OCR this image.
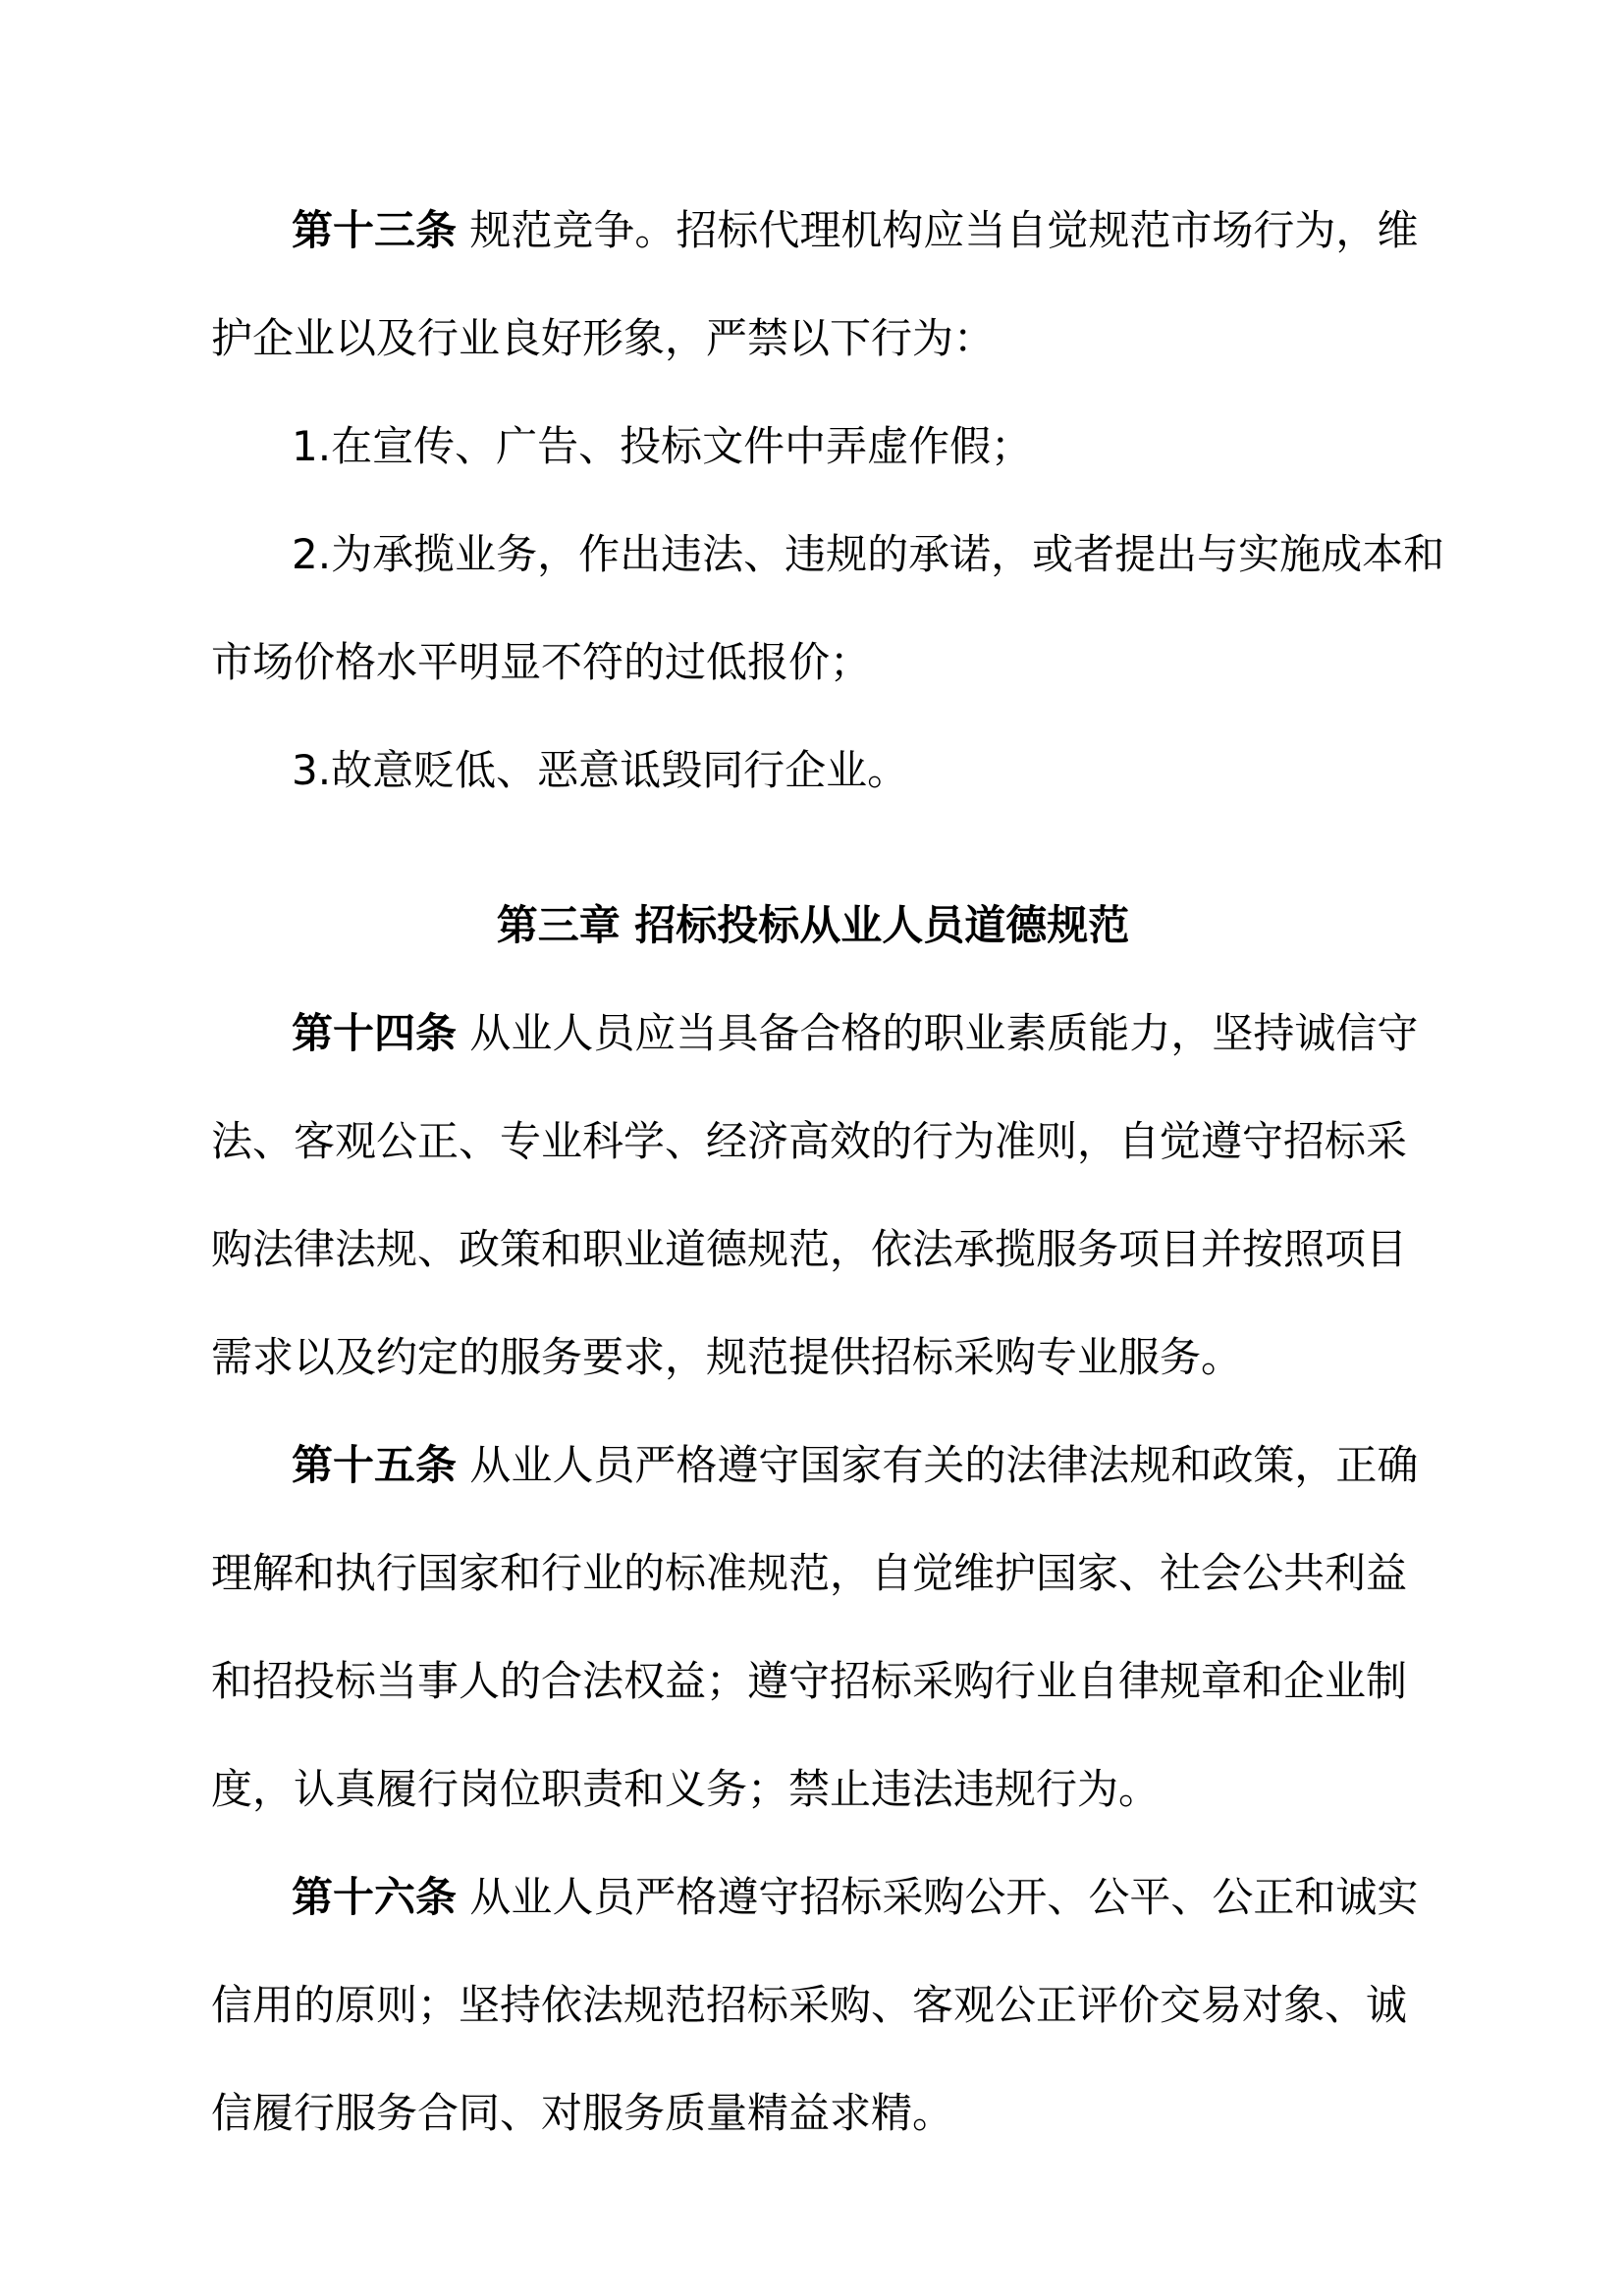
第十三条 规范竞争。招标代理机构应当自觉规范市场行为，维
护企业以及行业良好形象，严禁以下行为：
1.在宣传、广告、投标文件中弄虚作假；
2.为承揽业务，作出违法、违规的承诺，或者提出与实施成本和
市场价格水平明显不符的过低报价；
3.故意贬低、恶意诋毁同行企业。
第三章 招标投标从业人员道德规范
第十四条 从业人员应当具备合格的职业素质能力，坚持诚信守
法、客观公正、专业科学、经济高效的行为准则，自觉遵守招标采
购法律法规、政策和职业道德规范，依法承揽服务项目并按照项目
需求以及约定的服务要求，规范提供招标采购专业服务。
第十五条 从业人员严格遵守国家有关的法律法规和政策，正确
理解和执行国家和行业的标准规范，自觉维护国家、社会公共利益
和招投标当事人的合法权益；遵守招标采购行业自律规章和企业制
度，认真履行岗位职责和义务；禁止违法违规行为。
第十六条 从业人员严格遵守招标采购公开、公平、公正和诚实
信用的原则；坚持依法规范招标采购、客观公正评价交易对象、诚
信履行服务合同、对服务质量精益求精。
